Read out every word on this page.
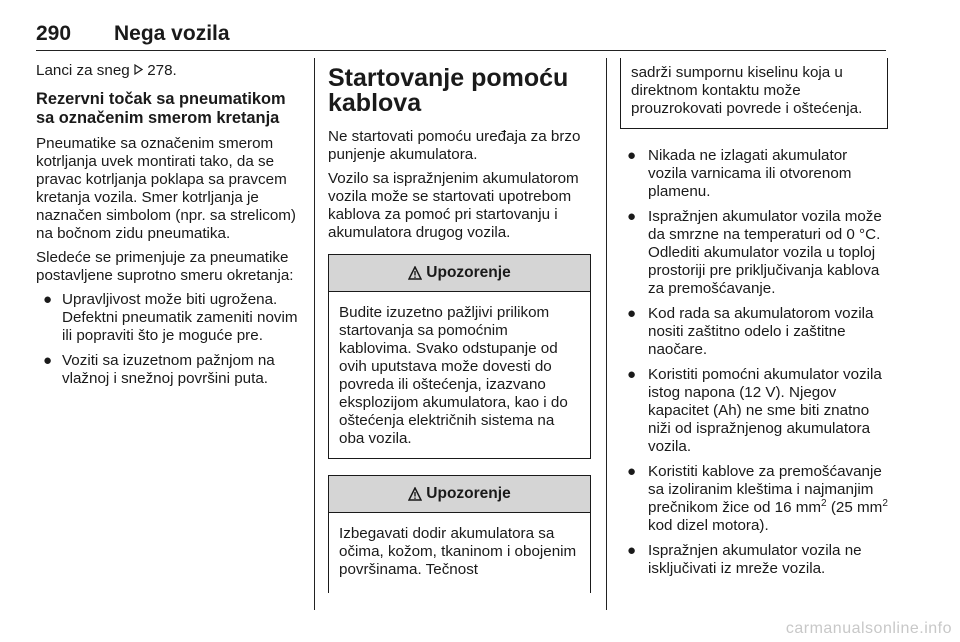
290 Nega vozila

Lanci za sneg  278.

Rezervni točak sa pneumatikom sa označenim smerom kretanja

Pneumatike sa označenim smerom kotrljanja uvek montirati tako, da se pravac kotrljanja poklapa sa pravcem kretanja vozila. Smer kotrljanja je naznačen simbolom (npr. sa strelicom) na bočnom zidu pneumatika.

Sledeće se primenjuje za pneumatike postavljene suprotno smeru okretanja:

● Upravljivost može biti ugrožena. Defektni pneumatik zameniti novim ili popraviti što je moguće pre.
● Voziti sa izuzetnom pažnjom na vlažnoj i snežnoj površini puta.
Startovanje pomoću kablova

Ne startovati pomoću uređaja za brzo punjenje akumulatora.

Vozilo sa ispražnjenim akumulatorom vozila može se startovati upotrebom kablova za pomoć pri startovanju i akumulatora drugog vozila.

Upozorenje
Budite izuzetno pažljivi prilikom startovanja sa pomoćnim kablovima. Svako odstupanje od ovih uputstava može dovesti do povreda ili oštećenja, izazvano eksplozijom akumulatora, kao i do oštećenja električnih sistema na oba vozila.
Upozorenje
Izbegavati dodir akumulatora sa očima, kožom, tkaninom i obojenim površinama. Tečnost
sadrži sumpornu kiselinu koja u direktnom kontaktu može prouzrokovati povrede i oštećenja.
● Nikada ne izlagati akumulator vozila varnicama ili otvorenom plamenu.
● Ispražnjen akumulator vozila može da smrzne na temperaturi od 0 °C. Odlediti akumulator vozila u toploj prostoriji pre priključivanja kablova za premošćavanje.
● Kod rada sa akumulatorom vozila nositi zaštitno odelo i zaštitne naočare.
● Koristiti pomoćni akumulator vozila istog napona (12 V). Njegov kapacitet (Ah) ne sme biti znatno niži od ispražnjenog akumulatora vozila.
● Koristiti kablove za premošćavanje sa izoliranim kleštima i najmanjim prečnikom žice od 16 $mm^2$ (25 $mm^2$ kod dizel motora).
● Ispražnjen akumulator vozila ne isključivati iz mreže vozila.
carmanualsonline.info
